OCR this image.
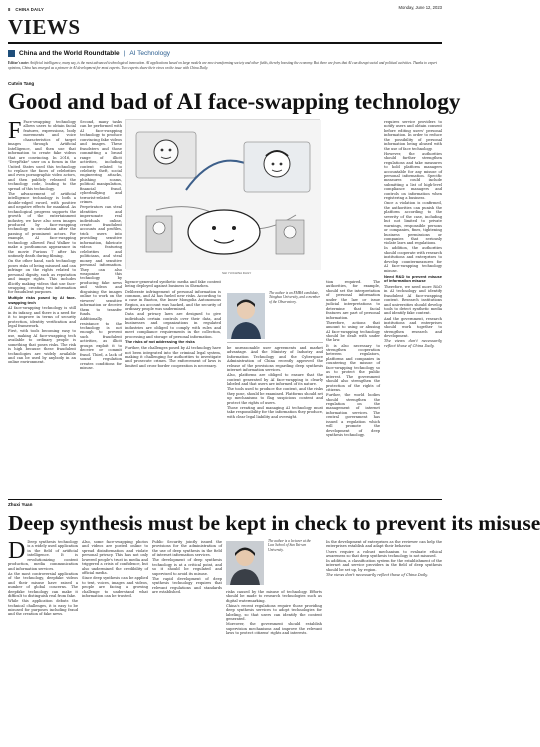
8 CHINA DAILY	Monday, June 12, 2023
VIEWS
China and the World Roundtable | AI Technology
Editor's note: Artificial intelligence, many say, is the most advanced technological innovation. AI applications based on large models are now transforming society and other fields, thereby boosting the economy. But there are fears that AI can disrupt social and political activities. Thanks to expert opinions, China has emerged as a pioneer in AI development for most experts. Two experts share their views on the issue with China Daily.
Cutvin Tang
Good and bad of AI face-swapping technology

F Face-swapping technology allows users to obtain facial features, expressions, body movements and voice characteristics of target images through Artificial Intelligence, and then use that information to create fake videos that are convincing. In 2016, a "DeepFake" user on a forum in the United States used this technology to replace the faces of celebrities and even pornographic video actors, and then publicly released the technology code, leading to the spread of this technology.

The advancement of artificial intelligence technology is both a double-edged sword, with positive and negative effects for mankind. As technological progress supports the growth of the entertainment industry, we have also seen images produced by face-swapping technology in circulation after the passing of prominent actors. For example, AI face-swapping technology allowed Paul Walker to make a posthumous appearance in the movie Furious 7 after his untimely death during filming.

On the other hand, such technology poses risks of being misused and can infringe on the rights related to personal dignity, such as reputation and image rights. This includes illicitly making videos that use face-swapping, creating two information for fraudulent purposes.

Multiple risks posed by AI face-swapping tech

AI face-swapping technology is still in its infancy, and there is a need for it to improve in terms of security protection, identity verification and legal framework.

First, with tools becoming easy to use, making AI face-swapping tech available to ordinary people is something that poses risks. The risk is high because these fraudulent technologies are widely available and can be used by anybody in an online environment.

Second, many tasks can be performed with AI face-swapping technology to produce convincing fake videos and images. These fraudsters and those committing a broad range of illicit activities, including content related to celebrity theft, social engineering attacks, phishing scams, political manipulation, financial fraud, cyberbullying and terrorist-related crimes.

Perpetrators can steal identities and impersonate real individuals online, create fraudulent accounts and profiles, trick users into providing sensitive information, fabricate videos featuring celebrities and politicians, and steal money and sensitive personal information. They can also weaponize this technology by producing fake news and videos and disguising the images online to work on the viewers' sensitive information or deceive them to transfer funds.

Additionally, resistance to the technology is not enough to prevent such fraudulent activities, as illicit groups exploit it to deceive or commit fraud. Third, a lack of sound regulation creates conditions for misuse.

SHI YU/CHINA DAILY

ligence-generated synthetic media and fake content being deployed against business in Shenzhen.

Deliberate infringement of personal information is common, and AI has fueled new risks. According to a case in Baotou, the Inner Mongolia Autonomous Region, an account was hacked, and the security of ordinary people was undermined.

Data and privacy laws are designed to give individuals certain controls over their data, and businesses and organizations in regulated industries are obliged to comply with rules and meet compliance requirements in the collection, processing and storage of personal information.

The risks of not addressing the risks

Further, the challenges posed by AI technology have not been integrated into the criminal legal system, making it challenging for authorities to investigate and prosecute crimes. The enforcement of laws is limited and cross-border cooperation is necessary.

The author is an EMBA candidate, Tsinghua University, and a member of the Observatory.

be unreasonable user agreements and market advantage. And the Ministry of Industry and Information Technology and the Cyberspace Administration of China recently approved the release of the provisions regarding deep synthesis internet information services.

Also, platforms are obliged to ensure that the content generated by AI face-swapping is clearly labeled and that users are informed of its nature.

The tools used to produce the content, and the risks they pose, should be examined. Platforms should set up mechanisms to flag suspicious content and protect the rights of users.

Those creating and managing AI technology must take responsibility for the information they produce, with clear legal liability and oversight.

tion required. The authorities, for example, should set the interpretation of personal information under the law or issue judicial interpretations to determine that facial features are part of personal information.

Therefore, actions that amount to using or abusing AI face-swapping technology should be dealt with under the law.

It is also necessary to strengthen cooperation between regulators, platforms and companies in countering the misuse of face-swapping technology so as to protect the public interest. The government should also strengthen the protection of the rights of citizens.

Further, the world bodies should strengthen the regulation on the management of internet information services. The central government has issued a regulation which will promote the development of deep synthesis technology.

requires service providers to notify users and obtain consent before editing users' personal information. In order to reduce the possibility of personal information being abused with the use of face technology.

However, the authorities should further strengthen regulations and take measures to hold platform managers accountable for any misuse of personal information. Specific measures could include submitting a list of high-level compliance managers and controls on information when registering a business.

Once a violation is confirmed, the authorities can punish the platform according to the severity of the case, including but not limited to private warnings, responsible persons or companies, fines, tightening business permissions or companies that seriously violate laws and regulations.

In addition, the authorities should cooperate with research institutions and enterprises to develop countermeasures for AI face-swapping technology misuse.

Need R&D to prevent misuse of information misuse

Therefore, we need more R&D in AI technology and identify fraudulent AI face-swapping content. Research institutions and universities should develop tools to detect synthetic media and identify fake content.

And the government, research institutions and enterprises should work together to strengthen research and development.

The views don't necessarily reflect those of China Daily.

Zhuxi Yuan
Deep synthesis must be kept in check to prevent its misuse

D Deep synthesis technology is a widely used application in the field of artificial intelligence. It is revolutionizing content production, media communication and information services.

As the most controversial application of the technology, deepfake videos and their misuse have raised a number of global concerns. The deepfake technology can make it difficult to distinguish real from fake.

While this application debuts the technical challenges, it is easy to be misused for purposes including fraud and the creation of fake news.

Also, some face-swapping photos and videos are posted online to spread disinformation and violate personal privacy. This has not only lowered people's trust in media and triggered a crisis of confidence, but also undermined the credibility of official media.

Since deep synthesis can be applied to text, voices, images and videos, people are facing a growing challenge to understand what information can be trusted.

Public Security jointly issued the provisions for the administration of the use of deep synthesis in the field of internet information services.

The development of deep synthesis technology is at a critical point, and so it should be regulated and supervised to avoid its misuse.

The rapid development of deep synthesis technology requires that relevant regulations and standards are established.

The author is a lecturer at the Law School of Sun Yat-sen University.

risks caused by the misuse of technology. Efforts should be made to research technologies such as digital watermarking.

China's recent regulations require those providing deep synthesis services to adopt technologies for labeling, so that users can identify the content generated.

Moreover, the government should establish supervision mechanisms and improve the relevant laws to protect citizens' rights and interests.

In the development of enterprises as the reviewer can help the enterprises establish and adapt their behavior.

Users require a robust mechanism to evaluate ethical awareness so that deep synthesis technology is not misused.

In addition, a classification system for the establishment of the internet and service providers in the field of deep synthesis should be set up, by region.

The views don't necessarily reflect those of China Daily.
